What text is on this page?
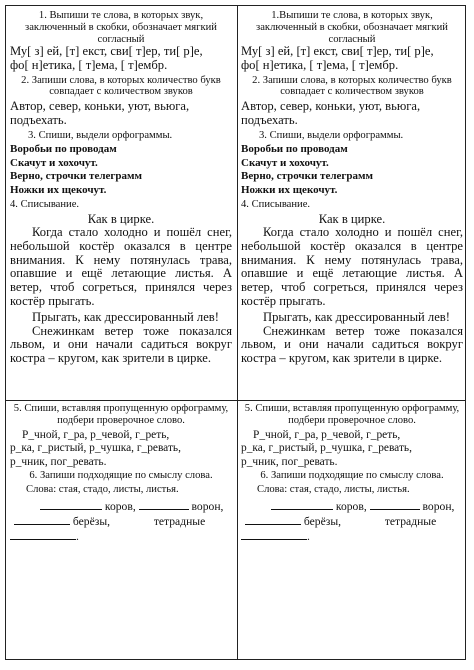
1. Выпиши те слова, в которых звук, заключенный в скобки, обозначает мягкий согласный
Му[ з] ей, [т] екст, сви[ т]ер, ти[ р]е,
фо[ н]етика, [ т]ема, [ т]ембр.
2. Запиши слова, в которых количество букв совпадает с количеством звуков
Автор, север, коньки, уют, вьюга, подъехать.
3. Спиши, выдели орфограммы.
Воробьи по проводам
Скачут и хохочут.
Верно, строчки телеграмм
Ножки их щекочут.
4. Списывание.
Как в цирке.
Когда стало холодно и пошёл снег, небольшой костёр оказался в центре внимания. К нему потянулась трава, опавшие и ещё летающие листья. А ветер, чтоб согреться, принялся через костёр прыгать.
Прыгать, как дрессированный лев!
Снежинкам ветер тоже показался львом, и они начали садиться вокруг костра – кругом, как зрители в цирке.
1.Выпиши те слова, в которых звук, заключенный в скобки, обозначает мягкий согласный
Му[ з] ей, [т] екст, сви[ т]ер, ти[ р]е,
фо[ н]етика, [ т]ема, [ т]ембр.
2. Запиши слова, в которых количество букв совпадает с количеством звуков
Автор, север, коньки, уют, вьюга, подъехать.
3. Спиши, выдели орфограммы.
Воробьи по проводам
Скачут и хохочут.
Верно, строчки телеграмм
Ножки их щекочут.
4. Списывание.
Как в цирке.
Когда стало холодно и пошёл снег, небольшой костёр оказался в центре внимания. К нему потянулась трава, опавшие и ещё летающие листья. А ветер, чтоб согреться, принялся через костёр прыгать.
Прыгать, как дрессированный лев!
Снежинкам ветер тоже показался львом, и они начали садиться вокруг костра – кругом, как зрители в цирке.
5. Спиши, вставляя пропущенную орфограмму, подбери проверочное слово.
Р_чной, г_ра, р_чевой, г_реть,
р_ка, г_ристый, р_чушка, г_ревать,
р_чник, пог_ревать.
6. Запиши подходящие по смыслу слова.
Слова: стая, стадо, листы, листья.
коров,	ворон,
берёзы,	тетрадные
.
5. Спиши, вставляя пропущенную орфограмму, подбери проверочное слово.
Р_чной, г_ра, р_чевой, г_реть,
р_ка, г_ристый, р_чушка, г_ревать,
р_чник, пог_ревать.
6. Запиши подходящие по смыслу слова.
Слова: стая, стадо, листы, листья.
коров,	ворон,
берёзы,	тетрадные
.
